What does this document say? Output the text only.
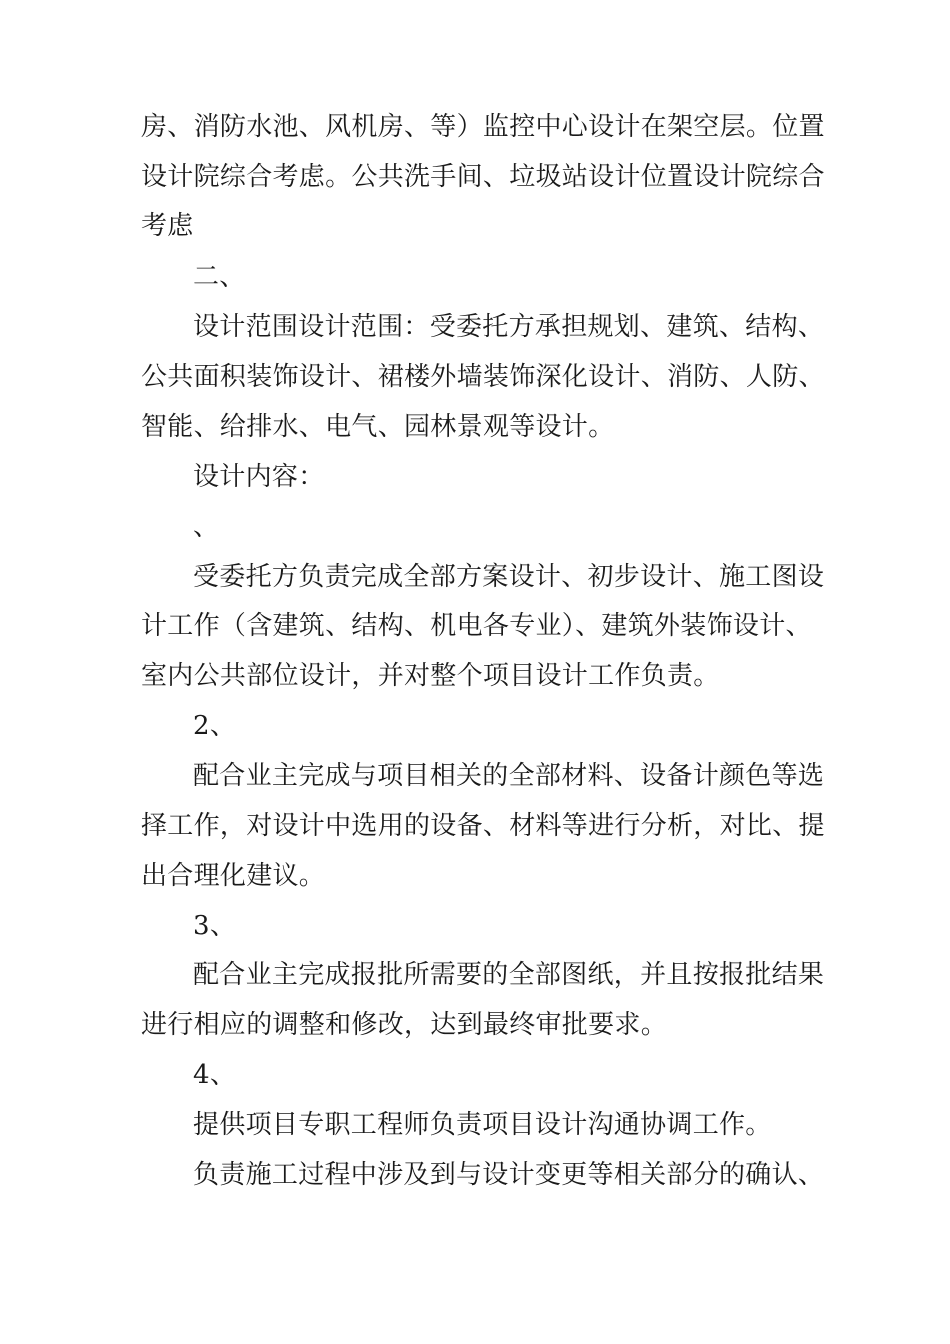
房、消防水池、风机房、等）监控中心设计在架空层。位置
设计院综合考虑。公共洗手间、垃圾站设计位置设计院综合
考虑
二、
设计范围设计范围：受委托方承担规划、建筑、结构、
公共面积装饰设计、裙楼外墙装饰深化设计、消防、人防、
智能、给排水、电气、园林景观等设计。
设计内容：
、
受委托方负责完成全部方案设计、初步设计、施工图设
计工作（含建筑、结构、机电各专业）、建筑外装饰设计、
室内公共部位设计，并对整个项目设计工作负责。
2、
配合业主完成与项目相关的全部材料、设备计颜色等选
择工作，对设计中选用的设备、材料等进行分析，对比、提
出合理化建议。
3、
配合业主完成报批所需要的全部图纸，并且按报批结果
进行相应的调整和修改，达到最终审批要求。
4、
提供项目专职工程师负责项目设计沟通协调工作。
负责施工过程中涉及到与设计变更等相关部分的确认、
